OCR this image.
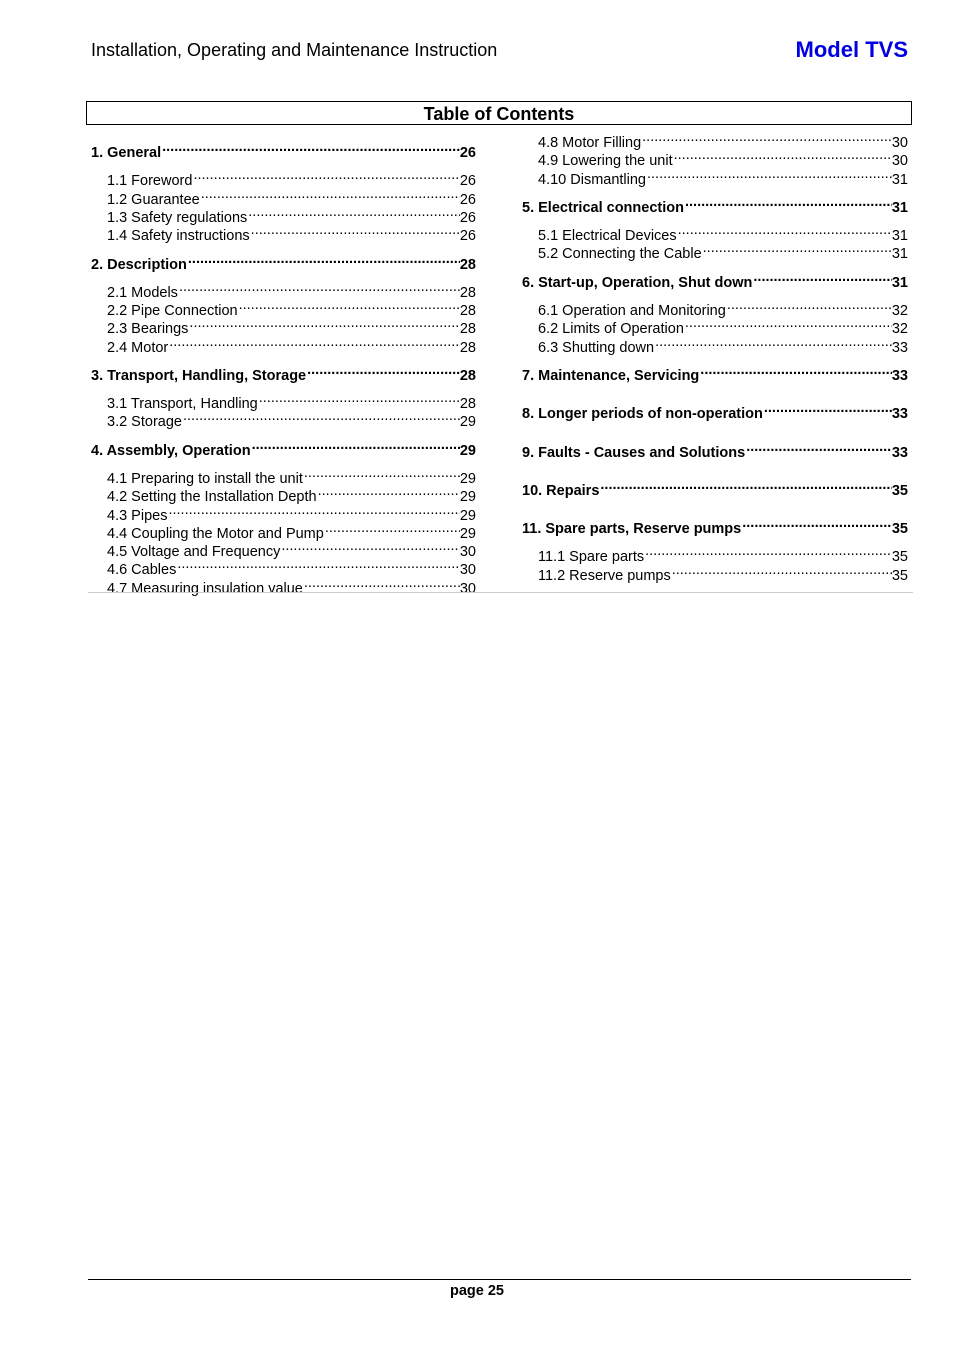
Installation, Operating and Maintenance Instruction	Model TVS
Table of Contents
1. General .....	26
1.1 Foreword .....	26
1.2 Guarantee .....	26
1.3 Safety regulations .....	26
1.4 Safety instructions .....	26
2. Description .....	28
2.1 Models .....	28
2.2 Pipe Connection .....	28
2.3 Bearings .....	28
2.4 Motor .....	28
3. Transport, Handling, Storage .....	28
3.1 Transport, Handling .....	28
3.2 Storage .....	29
4. Assembly, Operation .....	29
4.1 Preparing to install the unit .....	29
4.2 Setting the Installation Depth .....	29
4.3 Pipes .....	29
4.4 Coupling the Motor and Pump .....	29
4.5 Voltage and Frequency .....	30
4.6 Cables .....	30
4.7 Measuring insulation value .....	30
4.8 Motor Filling .....	30
4.9 Lowering the unit .....	30
4.10 Dismantling .....	31
5. Electrical connection .....	31
5.1 Electrical Devices .....	31
5.2 Connecting the Cable .....	31
6. Start-up, Operation, Shut down .....	31
6.1 Operation and Monitoring .....	32
6.2 Limits of Operation .....	32
6.3 Shutting down .....	33
7. Maintenance, Servicing .....	33
8. Longer periods of non-operation .....	33
9. Faults - Causes and Solutions .....	33
10. Repairs .....	35
11. Spare parts, Reserve pumps .....	35
11.1 Spare parts .....	35
11.2 Reserve pumps .....	35
page 25
